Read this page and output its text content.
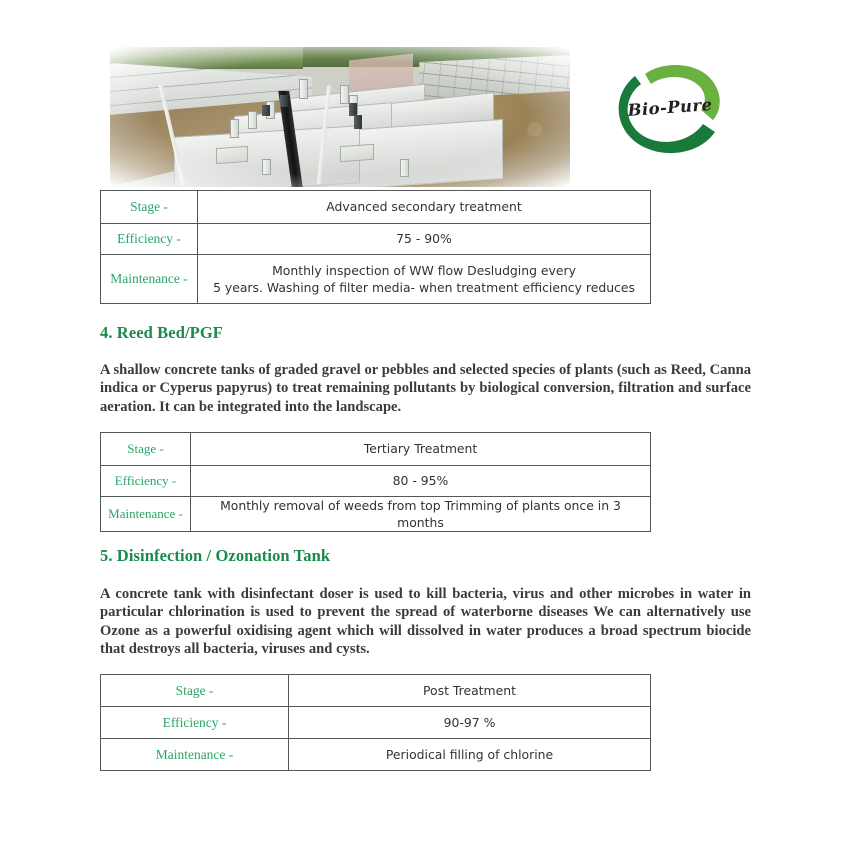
Bio-Pure
Stage -	Advanced secondary treatment
Efficiency -	75 - 90%
Maintenance -	Monthly inspection of WW flow Desludging every
5 years. Washing of filter media- when treatment efficiency reduces
4. Reed Bed/PGF
A shallow concrete tanks of graded gravel or pebbles and selected species of plants (such as Reed, Canna indica or Cyperus papyrus) to treat remaining pollutants by biological conversion, filtration and surface aeration. It can be integrated into the landscape.
Stage -	Tertiary Treatment
Efficiency -	80 - 95%
Maintenance -	Monthly removal of weeds from top Trimming of plants once in 3 months
5. Disinfection / Ozonation Tank
A concrete tank with disinfectant doser is used to kill bacteria, virus and other microbes in water in particular chlorination is used to prevent the spread of waterborne diseases We can alternatively use Ozone as a powerful oxidising agent which will dissolved in water produces a broad spectrum biocide that destroys all bacteria, viruses and cysts.
Stage -	Post Treatment
Efficiency -	90-97 %
Maintenance -	Periodical filling of chlorine
